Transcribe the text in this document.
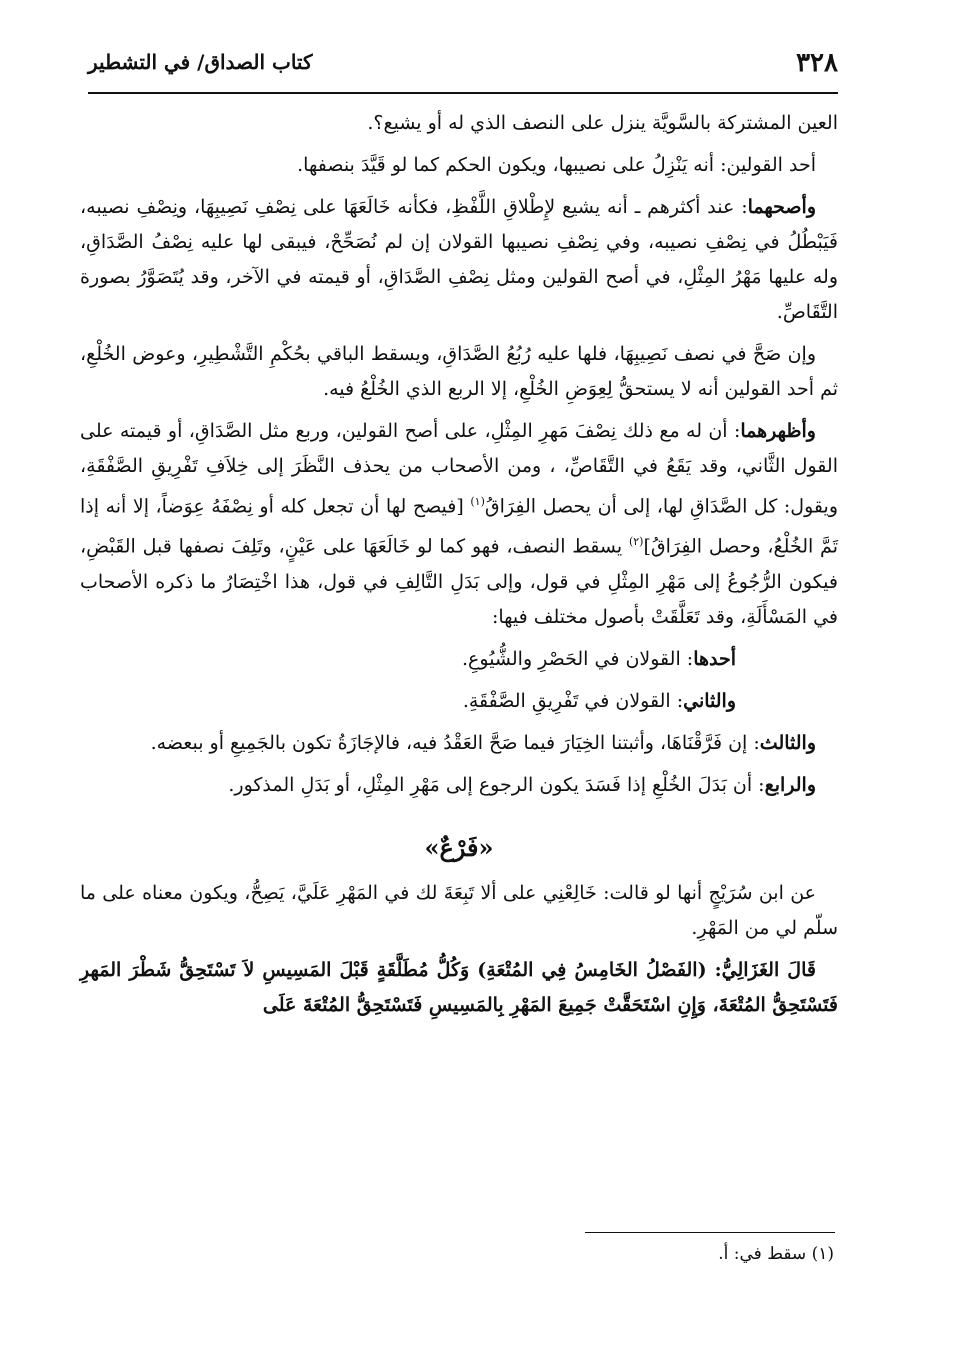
٣٢٨
كتاب الصداق/ في التشطير

العين المشتركة بالسَّويَّة ينزل على النصف الذي له أو يشيع؟.

أحد القولين: أنه يَنْزِلُ على نصيبها، ويكون الحكم كما لو قَيَّدَ بنصفها.

وأصحهما: عند أكثرهم ـ أنه يشيع لإِطْلاقِ اللَّفْظِ، فكأنه خَالَعَهَا على نِصْفِ نَصِيبِهَا، ونِصْفِ نصيبه، فَيَبْطُلُ في نِصْفِ نصيبه، وفي نِصْفِ نصيبها القولان إن لم نُصَحِّحْ، فيبقى لها عليه نِصْفُ الصَّدَاقِ، وله عليها مَهْرُ المِثْلِ، في أصح القولين ومثل نِصْفِ الصَّدَاقِ، أو قيمته في الآخر، وقد يُتَصَوَّرُ بصورة التَّقَاصِّ.

وإن صَحَّ في نصف نَصِيبِهَا، فلها عليه رُبُعُ الصَّدَاقِ، ويسقط الباقي بحُكْمِ التَّشْطِيرِ، وعوض الخُلْعِ، ثم أحد القولين أنه لا يستحقُّ لِعِوَضِ الخُلْعِ، إلا الربع الذي الخُلْعُ فيه.

وأظهرهما: أن له مع ذلك نِصْفَ مَهرِ المِثْلِ، على أصح القولين، وربع مثل الصَّدَاقِ، أو قيمته على القول الثَّاني، وقد يَقَعُ في التَّقَاصِّ، ، ومن الأصحاب من يحذف النَّظَرَ إلى خِلاَفِ تَفْرِيقِ الصَّفْقَةِ، ويقول: كل الصَّدَاقِ لها، إلى أن يحصل الفِرَاقُ$^{(١)}$ [فيصح لها أن تجعل كله أو نِصْفَهُ عِوَضاً، إلا أنه إذا تَمَّ الخُلْعُ، وحصل الفِرَاقُ]$^{(٢)}$ يسقط النصف، فهو كما لو خَالَعَهَا على عَيْنٍ، وتَلِفَ نصفها قبل القَبْضِ، فيكون الرُّجُوعُ إلى مَهْرِ المِثْلِ في قول، وإلى بَدَلِ التَّالِفِ في قول، هذا اخْتِصَارُ ما ذكره الأصحاب في المَسْأَلَةِ، وقد تَعَلَّقَتْ بأصول مختلف فيها:

أحدها: القولان في الحَصْرِ والشُّيُوعِ.

والثاني: القولان في تَفْرِيقِ الصَّفْقَةِ.

والثالث: إن فَرَّقْنَاهَا، وأثبتنا الخِيَارَ فيما صَحَّ العَقْدُ فيه، فالإجَازَةُ تكون بالجَمِيعِ أو ببعضه.

والرابع: أن بَدَلَ الخُلْعِ إذا فَسَدَ يكون الرجوع إلى مَهْرِ المِثْلِ، أو بَدَلِ المذكور.

«فَرْعٌ»

عن ابن سُرَيْجٍ أنها لو قالت: خَالِعْنِي على ألا تَبِعَةَ لك في المَهْرِ عَلَيَّ، يَصِحُّ، ويكون معناه على ما سلّم لي من المَهْرِ.

قَالَ الغَزَالِيُّ: (الفَصْلُ الخَامِسُ فِي المُتْعَةِ) وَكُلُّ مُطَلَّقَةٍ قَبْلَ المَسِيسِ لاَ تَسْتَحِقُّ شَطْرَ المَهرِ فَتَسْتَحِقُّ المُتْعَةَ، وَإِنِ اسْتَحَقَّتْ جَمِيعَ المَهْرِ بِالمَسِيسِ فَتَسْتَحِقُّ المُتْعَةَ عَلَى

(١) سقط في: أ.
